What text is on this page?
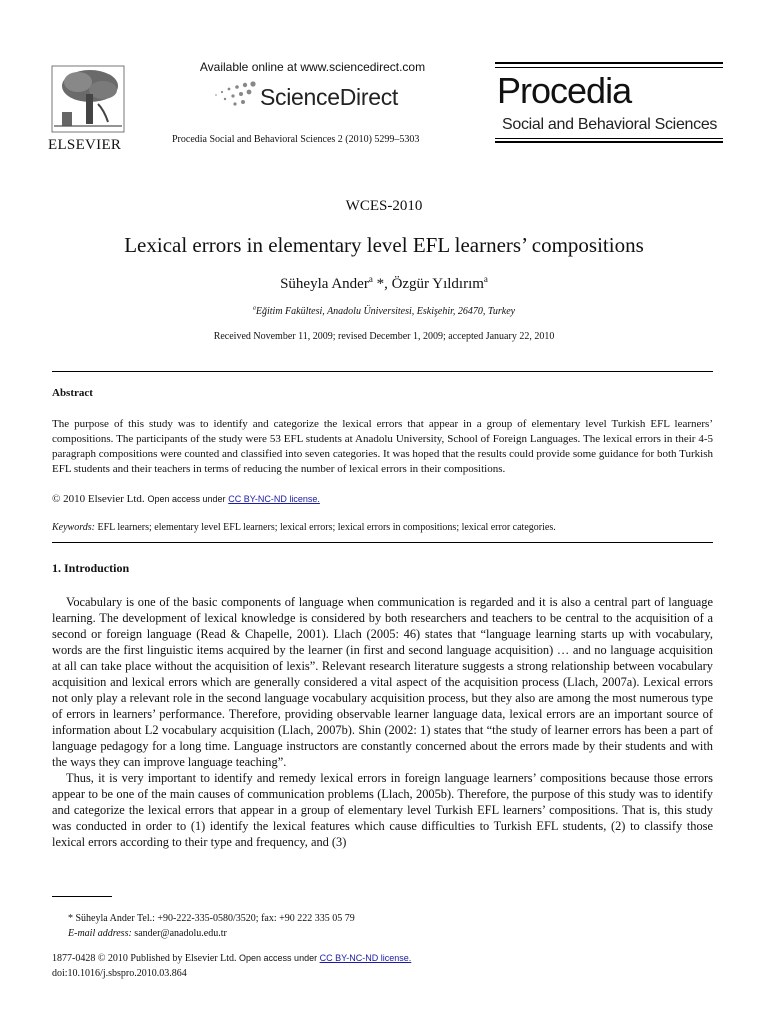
ELSEVIER
Available online at www.sciencedirect.com
ScienceDirect
Procedia Social and Behavioral Sciences 2 (2010) 5299–5303
Procedia
Social and Behavioral Sciences
WCES-2010
Lexical errors in elementary level EFL learners’ compositions
Süheyla Ander$^a$ *, Özgür Yıldırım$^a$
$^a$Eğitim Fakültesi, Anadolu Üniversitesi, Eskişehir, 26470, Turkey
Received November 11, 2009; revised December 1, 2009; accepted January 22, 2010
Abstract
The purpose of this study was to identify and categorize the lexical errors that appear in a group of elementary level Turkish EFL learners’ compositions. The participants of the study were 53 EFL students at Anadolu University, School of Foreign Languages. The lexical errors in their 4-5 paragraph compositions were counted and classified into seven categories. It was hoped that the results could provide some guidance for both Turkish EFL students and their teachers in terms of reducing the number of lexical errors in their compositions.
© 2010 Elsevier Ltd. Open access under CC BY-NC-ND license.
Keywords: EFL learners; elementary level EFL learners; lexical errors; lexical errors in compositions; lexical error categories.
1. Introduction

Vocabulary is one of the basic components of language when communication is regarded and it is also a central part of language learning. The development of lexical knowledge is considered by both researchers and teachers to be central to the acquisition of a second or foreign language (Read & Chapelle, 2001). Llach (2005: 46) states that “language learning starts up with vocabulary, words are the first linguistic items acquired by the learner (in first and second language acquisition) … and no language acquisition at all can take place without the acquisition of lexis”. Relevant research literature suggests a strong relationship between vocabulary acquisition and lexical errors which are generally considered a vital aspect of the acquisition process (Llach, 2007a). Lexical errors not only play a relevant role in the second language vocabulary acquisition process, but they also are among the most numerous type of errors in learners’ performance. Therefore, providing observable learner language data, lexical errors are an important source of information about L2 vocabulary acquisition (Llach, 2007b). Shin (2002: 1) states that “the study of learner errors has been a part of language pedagogy for a long time. Language instructors are constantly concerned about the errors made by their students and with the ways they can improve language teaching”.

Thus, it is very important to identify and remedy lexical errors in foreign language learners’ compositions because those errors appear to be one of the main causes of communication problems (Llach, 2005b). Therefore, the purpose of this study was to identify and categorize the lexical errors that appear in a group of elementary level Turkish EFL learners’ compositions. That is, this study was conducted in order to (1) identify the lexical features which cause difficulties to Turkish EFL students, (2) to classify those lexical errors according to their type and frequency, and (3)

* Süheyla Ander Tel.: +90-222-335-0580/3520; fax: +90 222 335 05 79
E-mail address: sander@anadolu.edu.tr
1877-0428 © 2010 Published by Elsevier Ltd. Open access under CC BY-NC-ND license.
doi:10.1016/j.sbspro.2010.03.864
